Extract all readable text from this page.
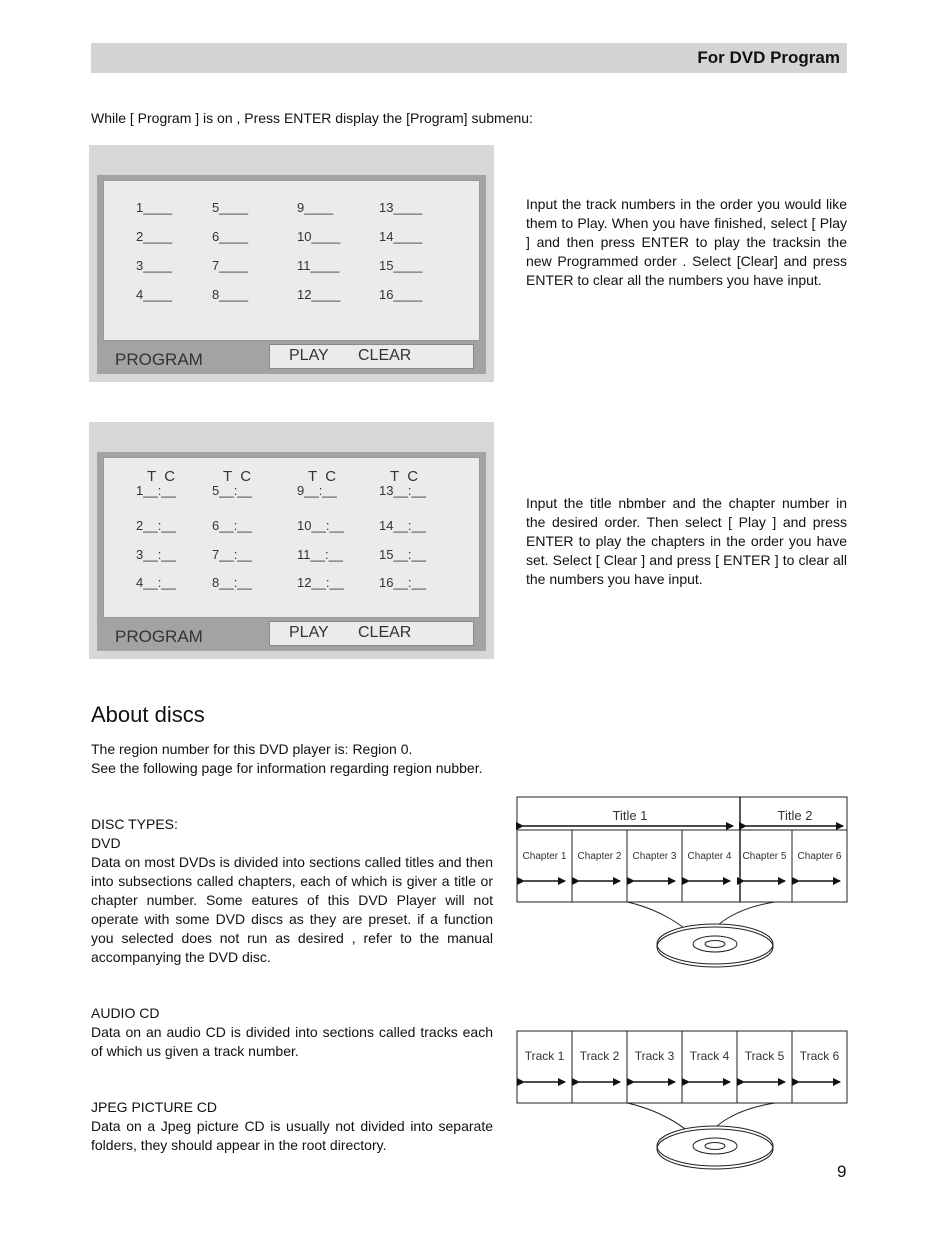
For DVD Program
While [ Program ] is on , Press ENTER display the [Program] submenu:
PROGRAM	PLAY CLEAR
1____	5____	9____	13____
2____	6____	10____	14____
3____	7____	11____	15____
4____	8____	12____	16____
Input the track numbers in the order you would like them to Play. When you have finished, select [ Play ] and then press ENTER to play the tracksin the new Programmed order . Select [Clear] and press ENTER to clear all the numbers you have input.
PROGRAM	PLAY CLEAR
1__:__	5__:__	9__:__	13__:__
2__:__	6__:__	10__:__	14__:__
3__:__	7__:__	11__:__	15__:__
4__:__	8__:__	12__:__	16__:__
T  C	T  C	T  C	T  C
Input the title nbmber and the chapter number in the desired order. Then select [ Play ] and press ENTER to play the chapters in the order you have set. Select [ Clear ] and press [ ENTER ] to clear all the numbers you have input.
About discs
The region number for this DVD player is: Region 0.
See the following page for information regarding region nubber.
DISC TYPES:
DVD
Data on most DVDs is divided into sections called titles and then into subsections called chapters, each of which is giver a title or chapter number. Some eatures of this DVD Player will not operate with some DVD discs as they are preset. if a function you selected does not run as desired , refer to the manual accompanying the DVD disc.
AUDIO CD
Data on an audio CD is divided into sections called tracks each of which us given a track number.
JPEG PICTURE CD
Data on a Jpeg picture CD is usually not divided into separate folders, they should appear in the root directory.
Title 1	Title 2
Chapter 1 Chapter 2 Chapter 3 Chapter 4 Chapter 5 Chapter 6
Track 1 Track 2 Track 3 Track 4 Track 5 Track 6
9
